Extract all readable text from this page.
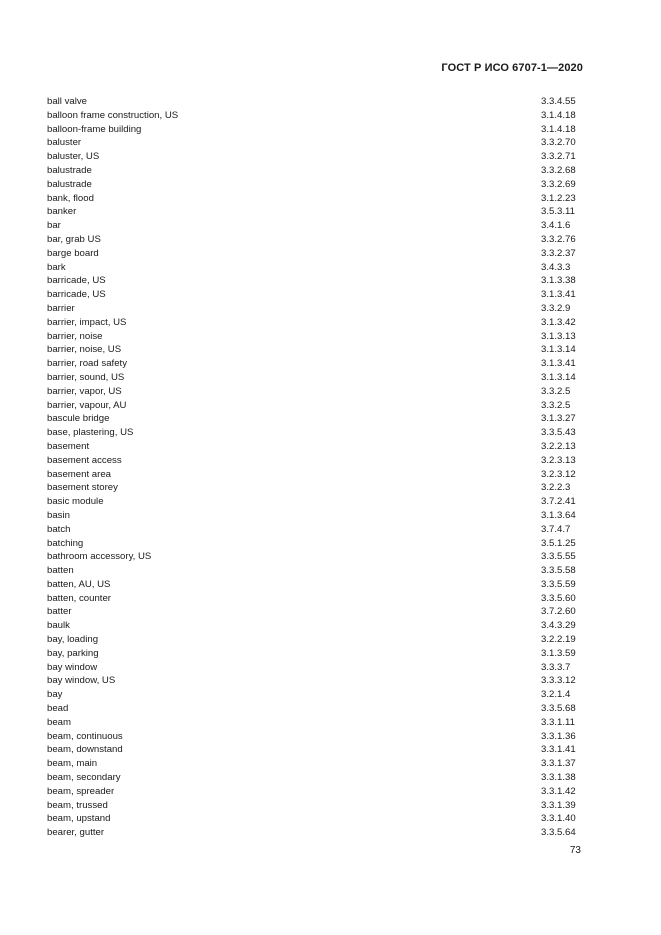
ГОСТ Р ИСО 6707-1—2020
ball valve	3.3.4.55
balloon frame construction, US	3.1.4.18
balloon-frame building	3.1.4.18
baluster	3.3.2.70
baluster, US	3.3.2.71
balustrade	3.3.2.68
balustrade	3.3.2.69
bank, flood	3.1.2.23
banker	3.5.3.11
bar	3.4.1.6
bar, grab US	3.3.2.76
barge board	3.3.2.37
bark	3.4.3.3
barricade, US	3.1.3.38
barricade, US	3.1.3.41
barrier	3.3.2.9
barrier, impact, US	3.1.3.42
barrier, noise	3.1.3.13
barrier, noise, US	3.1.3.14
barrier, road safety	3.1.3.41
barrier, sound, US	3.1.3.14
barrier, vapor, US	3.3.2.5
barrier, vapour, AU	3.3.2.5
bascule bridge	3.1.3.27
base, plastering, US	3.3.5.43
basement	3.2.2.13
basement access	3.2.3.13
basement area	3.2.3.12
basement storey	3.2.2.3
basic module	3.7.2.41
basin	3.1.3.64
batch	3.7.4.7
batching	3.5.1.25
bathroom accessory, US	3.3.5.55
batten	3.3.5.58
batten, AU, US	3.3.5.59
batten, counter	3.3.5.60
batter	3.7.2.60
baulk	3.4.3.29
bay, loading	3.2.2.19
bay, parking	3.1.3.59
bay window	3.3.3.7
bay window, US	3.3.3.12
bay	3.2.1.4
bead	3.3.5.68
beam	3.3.1.11
beam, continuous	3.3.1.36
beam, downstand	3.3.1.41
beam, main	3.3.1.37
beam, secondary	3.3.1.38
beam, spreader	3.3.1.42
beam, trussed	3.3.1.39
beam, upstand	3.3.1.40
bearer, gutter	3.3.5.64
73
